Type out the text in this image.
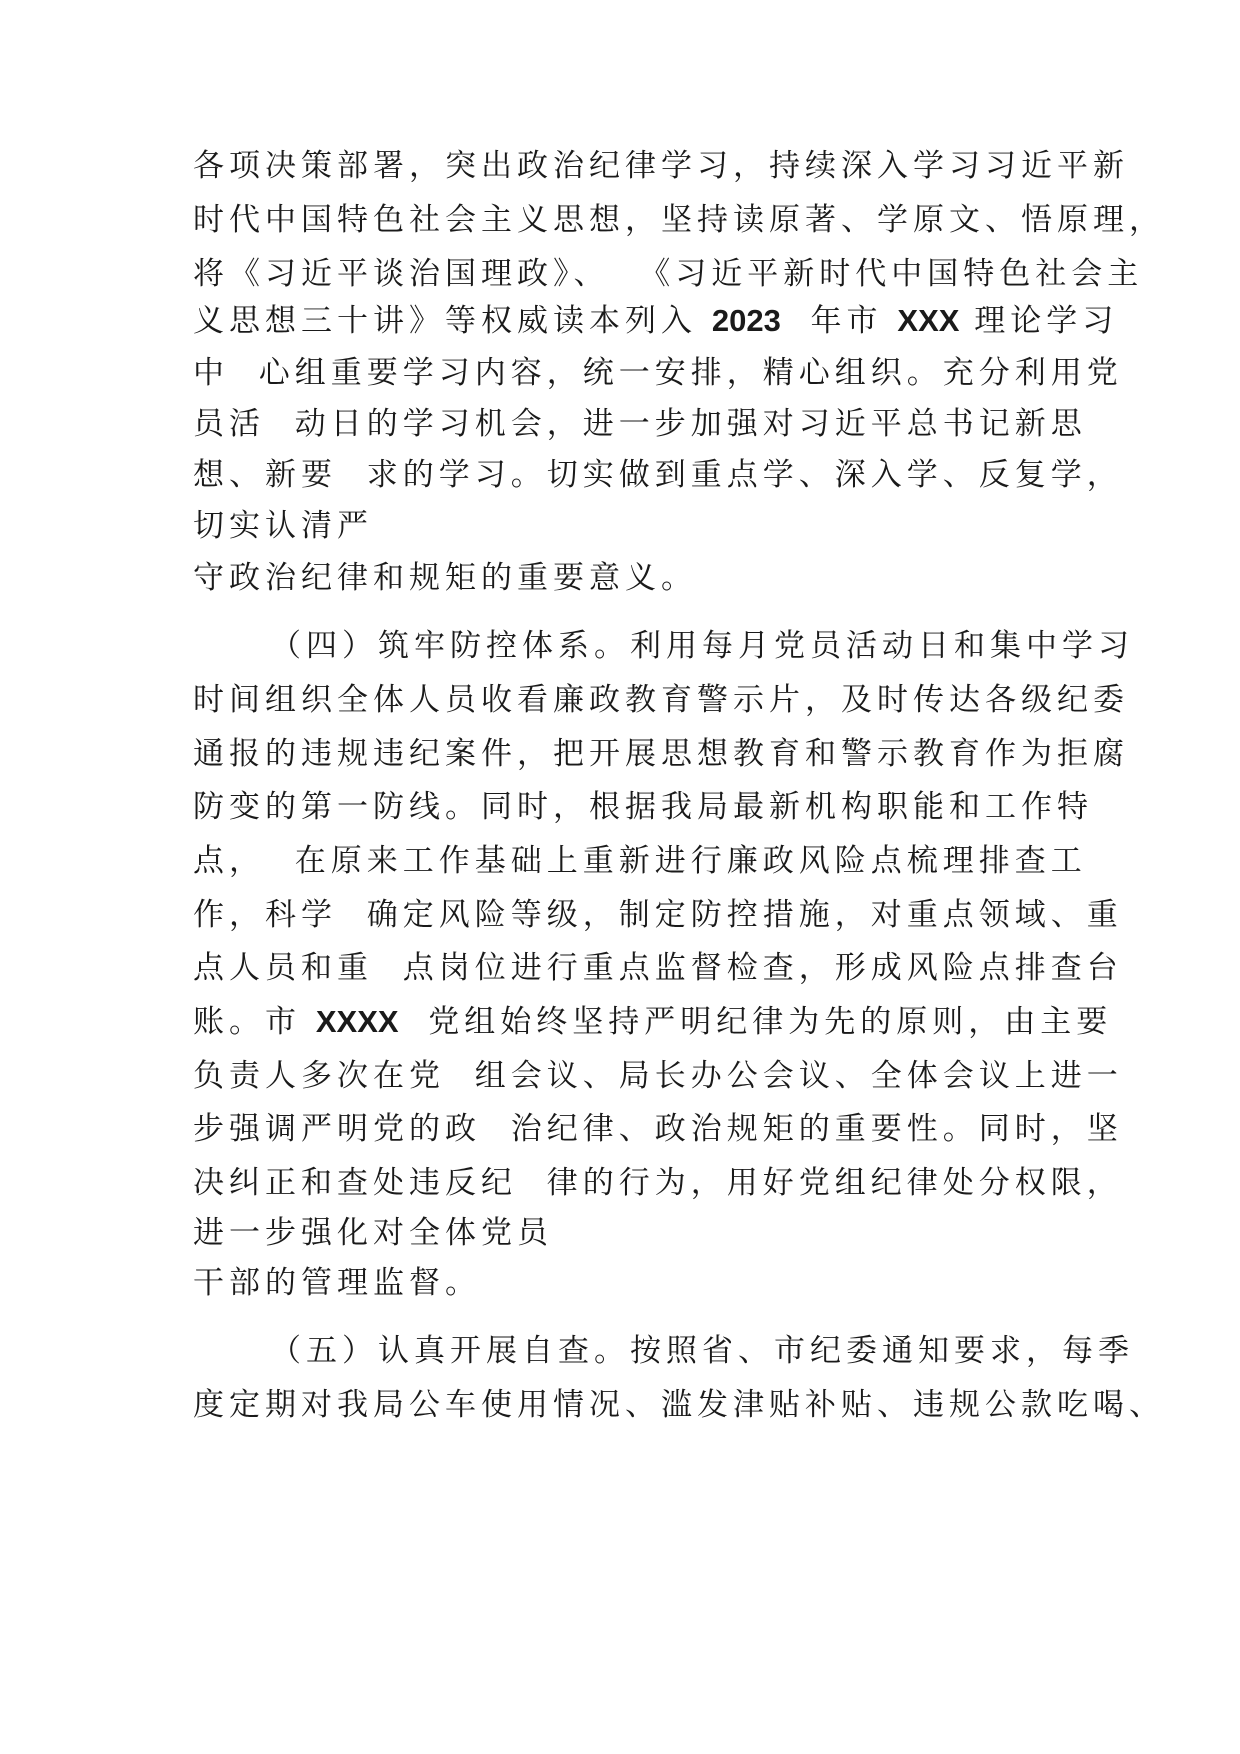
各项决策部署，突出政治纪律学习，持续深入学习习近平新
时代中国特色社会主义思想，坚持读原著、学原文、悟原理，
将《习近平谈治国理政》、  《习近平新时代中国特色社会主
义思想三十讲》等权威读本列入 2023  年市 XXX 理论学习
中  心组重要学习内容，统一安排，精心组织。充分利用党
员活  动日的学习机会，进一步加强对习近平总书记新思
想、新要  求的学习。切实做到重点学、深入学、反复学，
切实认清严
守政治纪律和规矩的重要意义。
（四）筑牢防控体系。利用每月党员活动日和集中学习
时间组织全体人员收看廉政教育警示片，及时传达各级纪委
通报的违规违纪案件，把开展思想教育和警示教育作为拒腐
防变的第一防线。同时，根据我局最新机构职能和工作特
点，  在原来工作基础上重新进行廉政风险点梳理排查工
作，科学  确定风险等级，制定防控措施，对重点领域、重
点人员和重  点岗位进行重点监督检查，形成风险点排查台
账。市 XXXX  党组始终坚持严明纪律为先的原则，由主要
负责人多次在党  组会议、局长办公会议、全体会议上进一
步强调严明党的政  治纪律、政治规矩的重要性。同时，坚
决纠正和查处违反纪  律的行为，用好党组纪律处分权限，
进一步强化对全体党员
干部的管理监督。
（五）认真开展自查。按照省、市纪委通知要求，每季
度定期对我局公车使用情况、滥发津贴补贴、违规公款吃喝、
